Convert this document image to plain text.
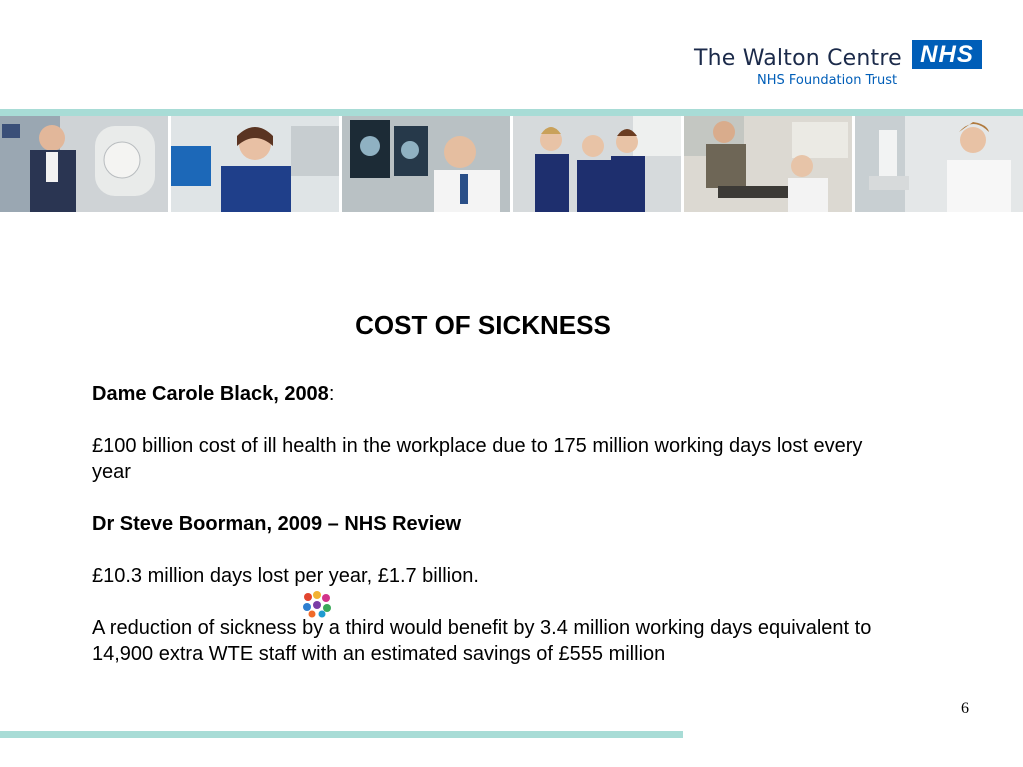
The Walton Centre NHS
NHS Foundation Trust
COST OF SICKNESS

Dame Carole Black, 2008:

£100 billion cost of ill health in the workplace due to 175 million working days lost every year

Dr Steve Boorman, 2009 – NHS Review

£10.3 million days lost per year, £1.7 billion.

A reduction of sickness by a third would benefit by 3.4 million working days equivalent to 14,900 extra WTE staff with an estimated savings of £555 million

6
